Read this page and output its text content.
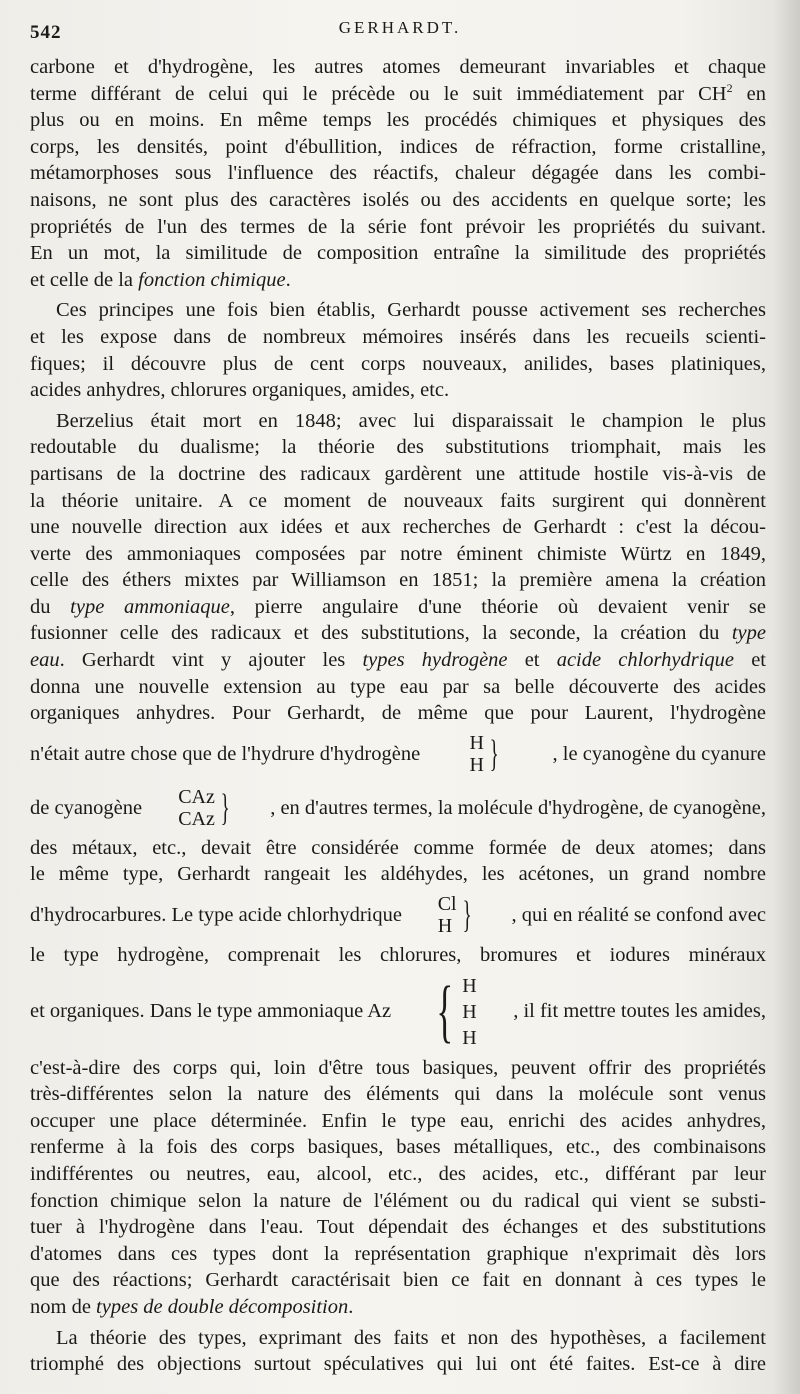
542	GERHARDT.
carbone et d'hydrogène, les autres atomes demeurant invariables et chaque
terme différant de celui qui le précède ou le suit immédiatement par $CH^2$ en
plus ou en moins. En même temps les procédés chimiques et physiques des
corps, les densités, point d'ébullition, indices de réfraction, forme cristalline,
métamorphoses sous l'influence des réactifs, chaleur dégagée dans les combi-
naisons, ne sont plus des caractères isolés ou des accidents en quelque sorte; les
propriétés de l'un des termes de la série font prévoir les propriétés du suivant.
En un mot, la similitude de composition entraîne la similitude des propriétés
et celle de la fonction chimique.
Ces principes une fois bien établis, Gerhardt pousse activement ses recherches
et les expose dans de nombreux mémoires insérés dans les recueils scienti-
fiques; il découvre plus de cent corps nouveaux, anilides, bases platiniques,
acides anhydres, chlorures organiques, amides, etc.
Berzelius était mort en 1848; avec lui disparaissait le champion le plus
redoutable du dualisme; la théorie des substitutions triomphait, mais les
partisans de la doctrine des radicaux gardèrent une attitude hostile vis-à-vis de
la théorie unitaire. A ce moment de nouveaux faits surgirent qui donnèrent
une nouvelle direction aux idées et aux recherches de Gerhardt : c'est la décou-
verte des ammoniaques composées par notre éminent chimiste Würtz en 1849,
celle des éthers mixtes par Williamson en 1851; la première amena la création
du type ammoniaque, pierre angulaire d'une théorie où devaient venir se
fusionner celle des radicaux et des substitutions, la seconde, la création du type
eau. Gerhardt vint y ajouter les types hydrogène et acide chlorhydrique et
donna une nouvelle extension au type eau par sa belle découverte des acides
organiques anhydres. Pour Gerhardt, de même que pour Laurent, l'hydrogène
n'était autre chose que de l'hydrure d'hydrogène H
H }	, le cyanogène du cyanure
de cyanogène CAz
CAz } , en d'autres termes, la molécule d'hydrogène, de cyanogène,
des métaux, etc., devait être considérée comme formée de deux atomes; dans
le même type, Gerhardt rangeait les aldéhydes, les acétones, un grand nombre
d'hydrocarbures. Le type acide chlorhydrique Cl
H } , qui en réalité se confond avec
le type hydrogène, comprenait les chlorures, bromures et iodures minéraux
et organiques. Dans le type ammoniaque Az { H
H
H
, il fit mettre toutes les amides,
c'est-à-dire des corps qui, loin d'être tous basiques, peuvent offrir des propriétés
très-différentes selon la nature des éléments qui dans la molécule sont venus
occuper une place déterminée. Enfin le type eau, enrichi des acides anhydres,
renferme à la fois des corps basiques, bases métalliques, etc., des combinaisons
indifférentes ou neutres, eau, alcool, etc., des acides, etc., différant par leur
fonction chimique selon la nature de l'élément ou du radical qui vient se substi-
tuer à l'hydrogène dans l'eau. Tout dépendait des échanges et des substitutions
d'atomes dans ces types dont la représentation graphique n'exprimait dès lors
que des réactions; Gerhardt caractérisait bien ce fait en donnant à ces types le
nom de types de double décomposition.
La théorie des types, exprimant des faits et non des hypothèses, a facilement
triomphé des objections surtout spéculatives qui lui ont été faites. Est-ce à dire
